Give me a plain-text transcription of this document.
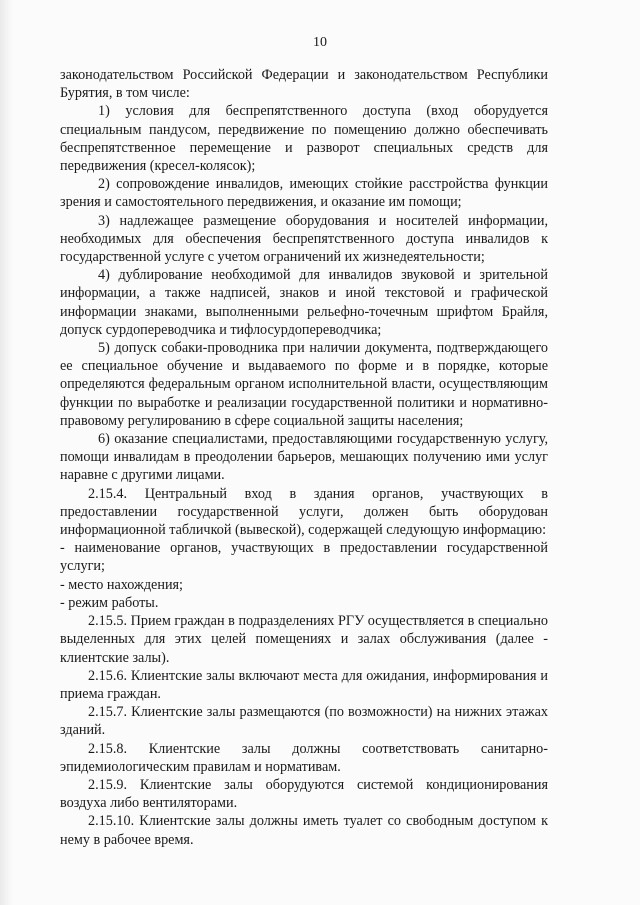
10

законодательством Российской Федерации и законодательством Республики Бурятия, в том числе:

1) условия для беспрепятственного доступа (вход оборудуется специальным пандусом, передвижение по помещению должно обеспечивать беспрепятственное перемещение и разворот специальных средств для передвижения (кресел-колясок);

2) сопровождение инвалидов, имеющих стойкие расстройства функции зрения и самостоятельного передвижения, и оказание им помощи;

3) надлежащее размещение оборудования и носителей информации, необходимых для обеспечения беспрепятственного доступа инвалидов к государственной услуге с учетом ограничений их жизнедеятельности;

4) дублирование необходимой для инвалидов звуковой и зрительной информации, а также надписей, знаков и иной текстовой и графической информации знаками, выполненными рельефно-точечным шрифтом Брайля, допуск сурдопереводчика и тифлосурдопереводчика;

5) допуск собаки-проводника при наличии документа, подтверждающего ее специальное обучение и выдаваемого по форме и в порядке, которые определяются федеральным органом исполнительной власти, осуществляющим функции по выработке и реализации государственной политики и нормативно-правовому регулированию в сфере социальной защиты населения;

6) оказание специалистами, предоставляющими государственную услугу, помощи инвалидам в преодолении барьеров, мешающих получению ими услуг наравне с другими лицами.

2.15.4. Центральный вход в здания органов, участвующих в предоставлении государственной услуги, должен быть оборудован информационной табличкой (вывеской), содержащей следующую информацию:

- наименование органов, участвующих в предоставлении государственной услуги;

- место нахождения;

- режим работы.

2.15.5. Прием граждан в подразделениях РГУ осуществляется в специально выделенных для этих целей помещениях и залах обслуживания (далее - клиентские залы).

2.15.6. Клиентские залы включают места для ожидания, информирования и приема граждан.

2.15.7. Клиентские залы размещаются (по возможности) на нижних этажах зданий.

2.15.8. Клиентские залы должны соответствовать санитарно-эпидемиологическим правилам и нормативам.

2.15.9. Клиентские залы оборудуются системой кондиционирования воздуха либо вентиляторами.

2.15.10. Клиентские залы должны иметь туалет со свободным доступом к нему в рабочее время.
